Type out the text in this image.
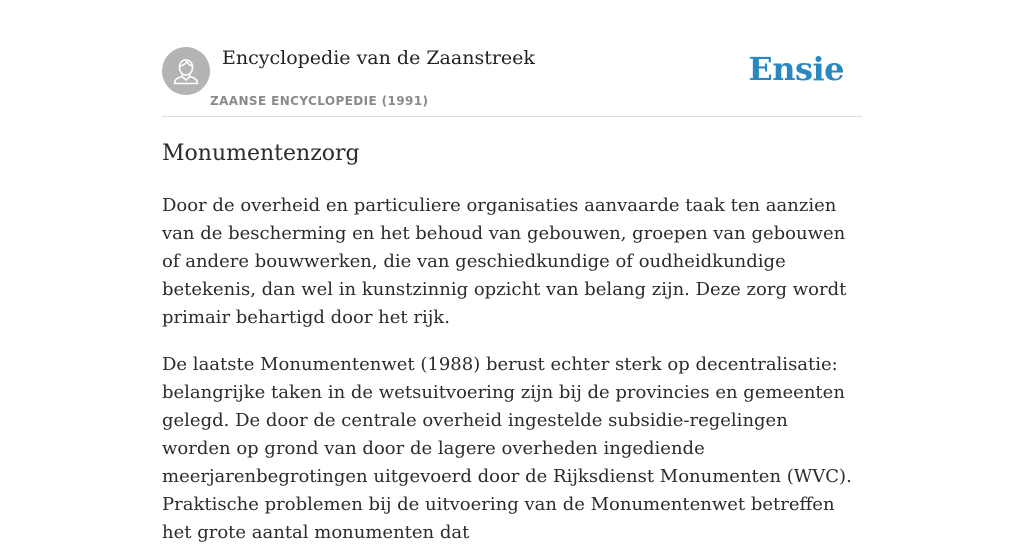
Encyclopedie van de Zaanstreek
ZAANSE ENCYCLOPEDIE (1991)
Ensie
Monumentenzorg

Door de overheid en particuliere organisaties aanvaarde taak ten aanzien van de bescherming en het behoud van gebouwen, groepen van gebouwen of andere bouwwerken, die van geschiedkundige of oudheidkundige betekenis, dan wel in kunstzinnig opzicht van belang zijn. Deze zorg wordt primair behartigd door het rijk.

De laatste Monumentenwet (1988) berust echter sterk op decentralisatie: belangrijke taken in de wetsuitvoering zijn bij de provincies en gemeenten gelegd. De door de centrale overheid ingestelde subsidie-regelingen worden op grond van door de lagere overheden ingediende meerjarenbegrotingen uitgevoerd door de Rijksdienst Monumenten (WVC). Praktische problemen bij de uitvoering van de Monumentenwet betreffen het grote aantal monumenten dat
